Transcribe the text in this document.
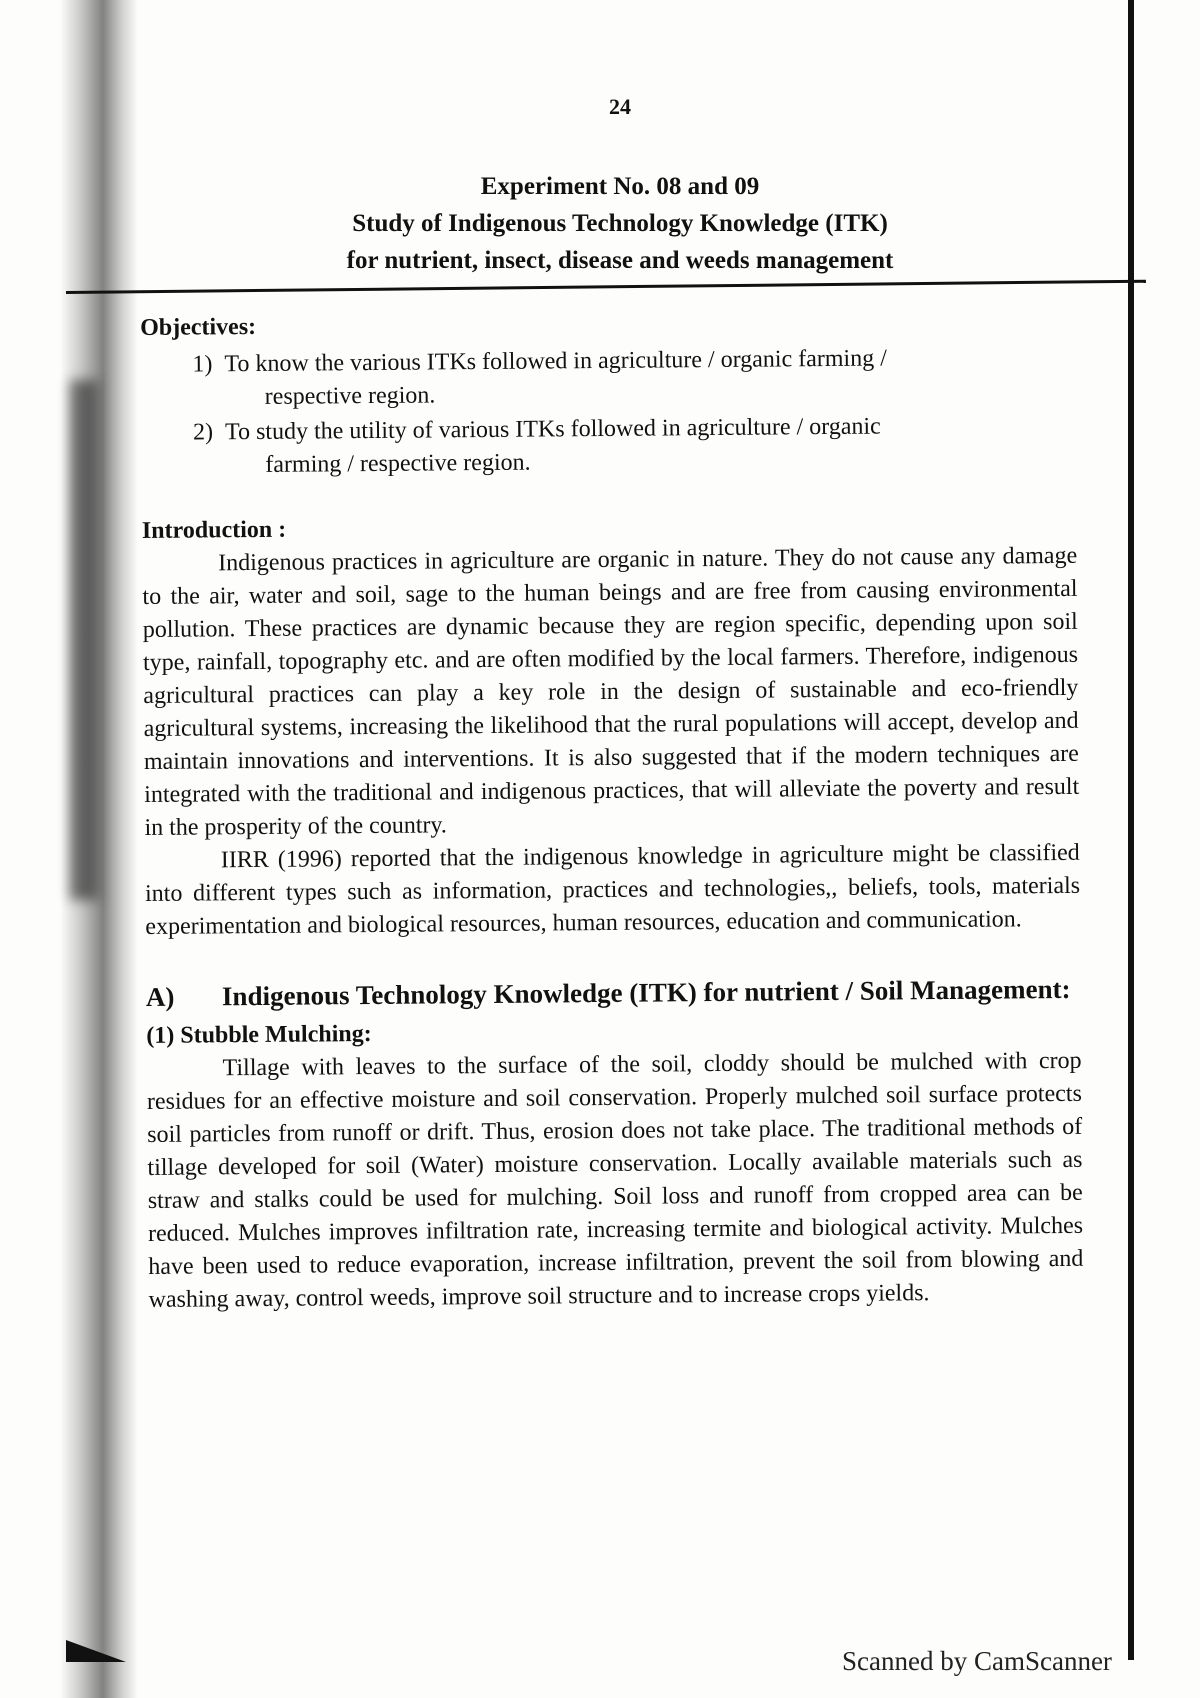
24
Experiment No. 08 and 09
Study of Indigenous Technology Knowledge (ITK)
for nutrient, insect, disease and weeds management
Objectives:
1) To know the various ITKs followed in agriculture / organic farming /
respective region.
2) To study the utility of various ITKs followed in agriculture / organic
farming / respective region.
Introduction :

Indigenous practices in agriculture are organic in nature. They do not cause any damage to the air, water and soil, sage to the human beings and are free from causing environmental pollution. These practices are dynamic because they are region specific, depending upon soil type, rainfall, topography etc. and are often modified by the local farmers. Therefore, indigenous agricultural practices can play a key role in the design of sustainable and eco-friendly agricultural systems, increasing the likelihood that the rural populations will accept, develop and maintain innovations and interventions. It is also suggested that if the modern techniques are integrated with the traditional and indigenous practices, that will alleviate the poverty and result in the prosperity of the country.

IIRR (1996) reported that the indigenous knowledge in agriculture might be classified into different types such as information, practices and technologies,, beliefs, tools, materials experimentation and biological resources, human resources, education and communication.

A)	Indigenous Technology Knowledge (ITK) for nutrient / Soil Management:
(1) Stubble Mulching:

Tillage with leaves to the surface of the soil, cloddy should be mulched with crop residues for an effective moisture and soil conservation. Properly mulched soil surface protects soil particles from runoff or drift. Thus, erosion does not take place. The traditional methods of tillage developed for soil (Water) moisture conservation. Locally available materials such as straw and stalks could be used for mulching. Soil loss and runoff from cropped area can be reduced. Mulches improves infiltration rate, increasing termite and biological activity. Mulches have been used to reduce evaporation, increase infiltration, prevent the soil from blowing and washing away, control weeds, improve soil structure and to increase crops yields.

Scanned by CamScanner
